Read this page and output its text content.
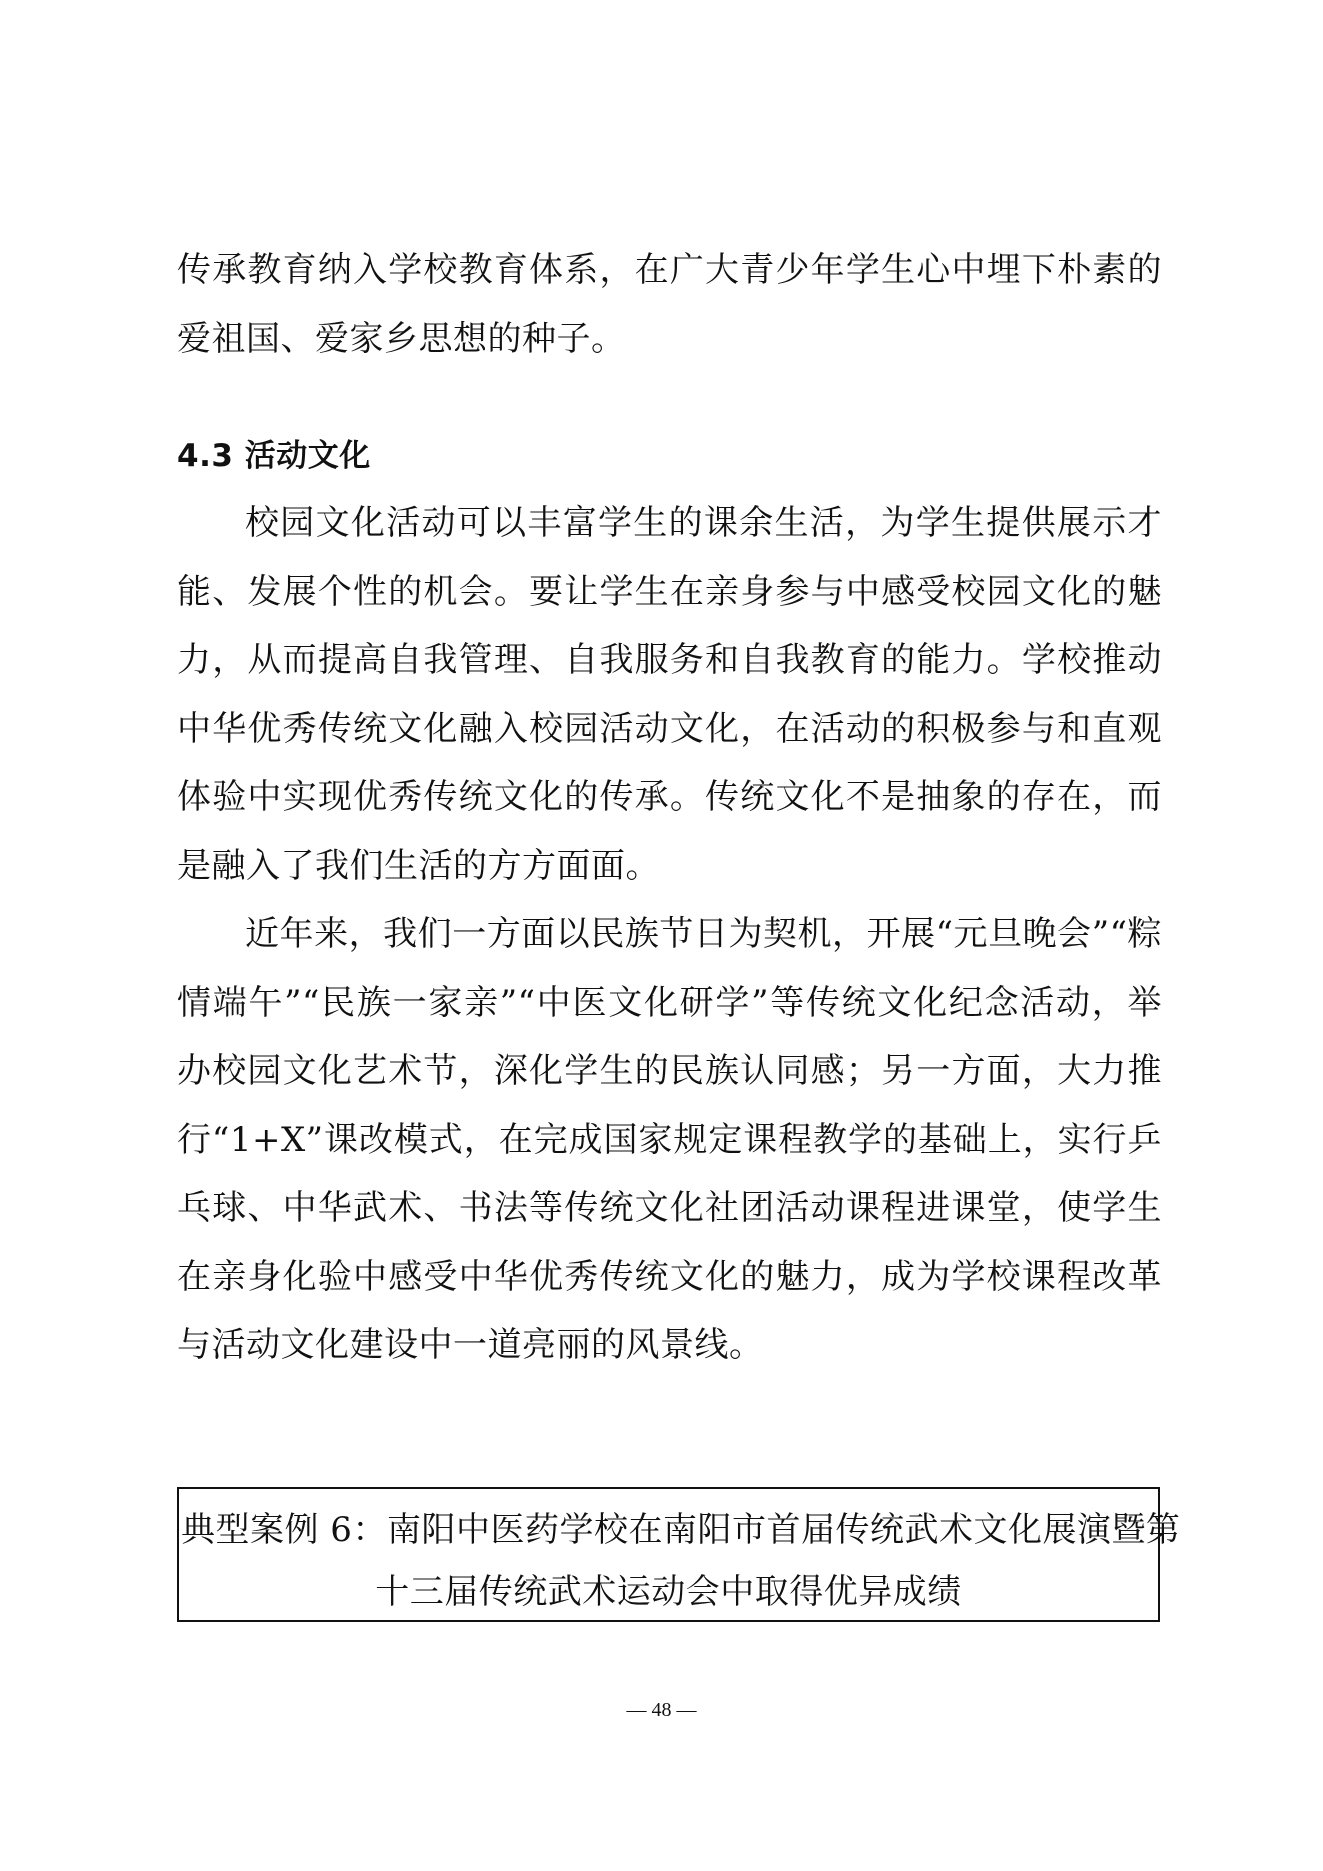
传承教育纳入学校教育体系，在广大青少年学生心中埋下朴素的爱祖国、爱家乡思想的种子。

4.3 活动文化

校园文化活动可以丰富学生的课余生活，为学生提供展示才能、发展个性的机会。要让学生在亲身参与中感受校园文化的魅力，从而提高自我管理、自我服务和自我教育的能力。学校推动中华优秀传统文化融入校园活动文化，在活动的积极参与和直观体验中实现优秀传统文化的传承。传统文化不是抽象的存在，而是融入了我们生活的方方面面。

近年来，我们一方面以民族节日为契机，开展“元旦晚会”“粽情端午”“民族一家亲”“中医文化研学”等传统文化纪念活动，举办校园文化艺术节，深化学生的民族认同感；另一方面，大力推行“1+X”课改模式，在完成国家规定课程教学的基础上，实行乒乓球、中华武术、书法等传统文化社团活动课程进课堂，使学生在亲身化验中感受中华优秀传统文化的魅力，成为学校课程改革与活动文化建设中一道亮丽的风景线。

典型案例 6：南阳中医药学校在南阳市首届传统武术文化展演暨第

十三届传统武术运动会中取得优异成绩

— 48 —
